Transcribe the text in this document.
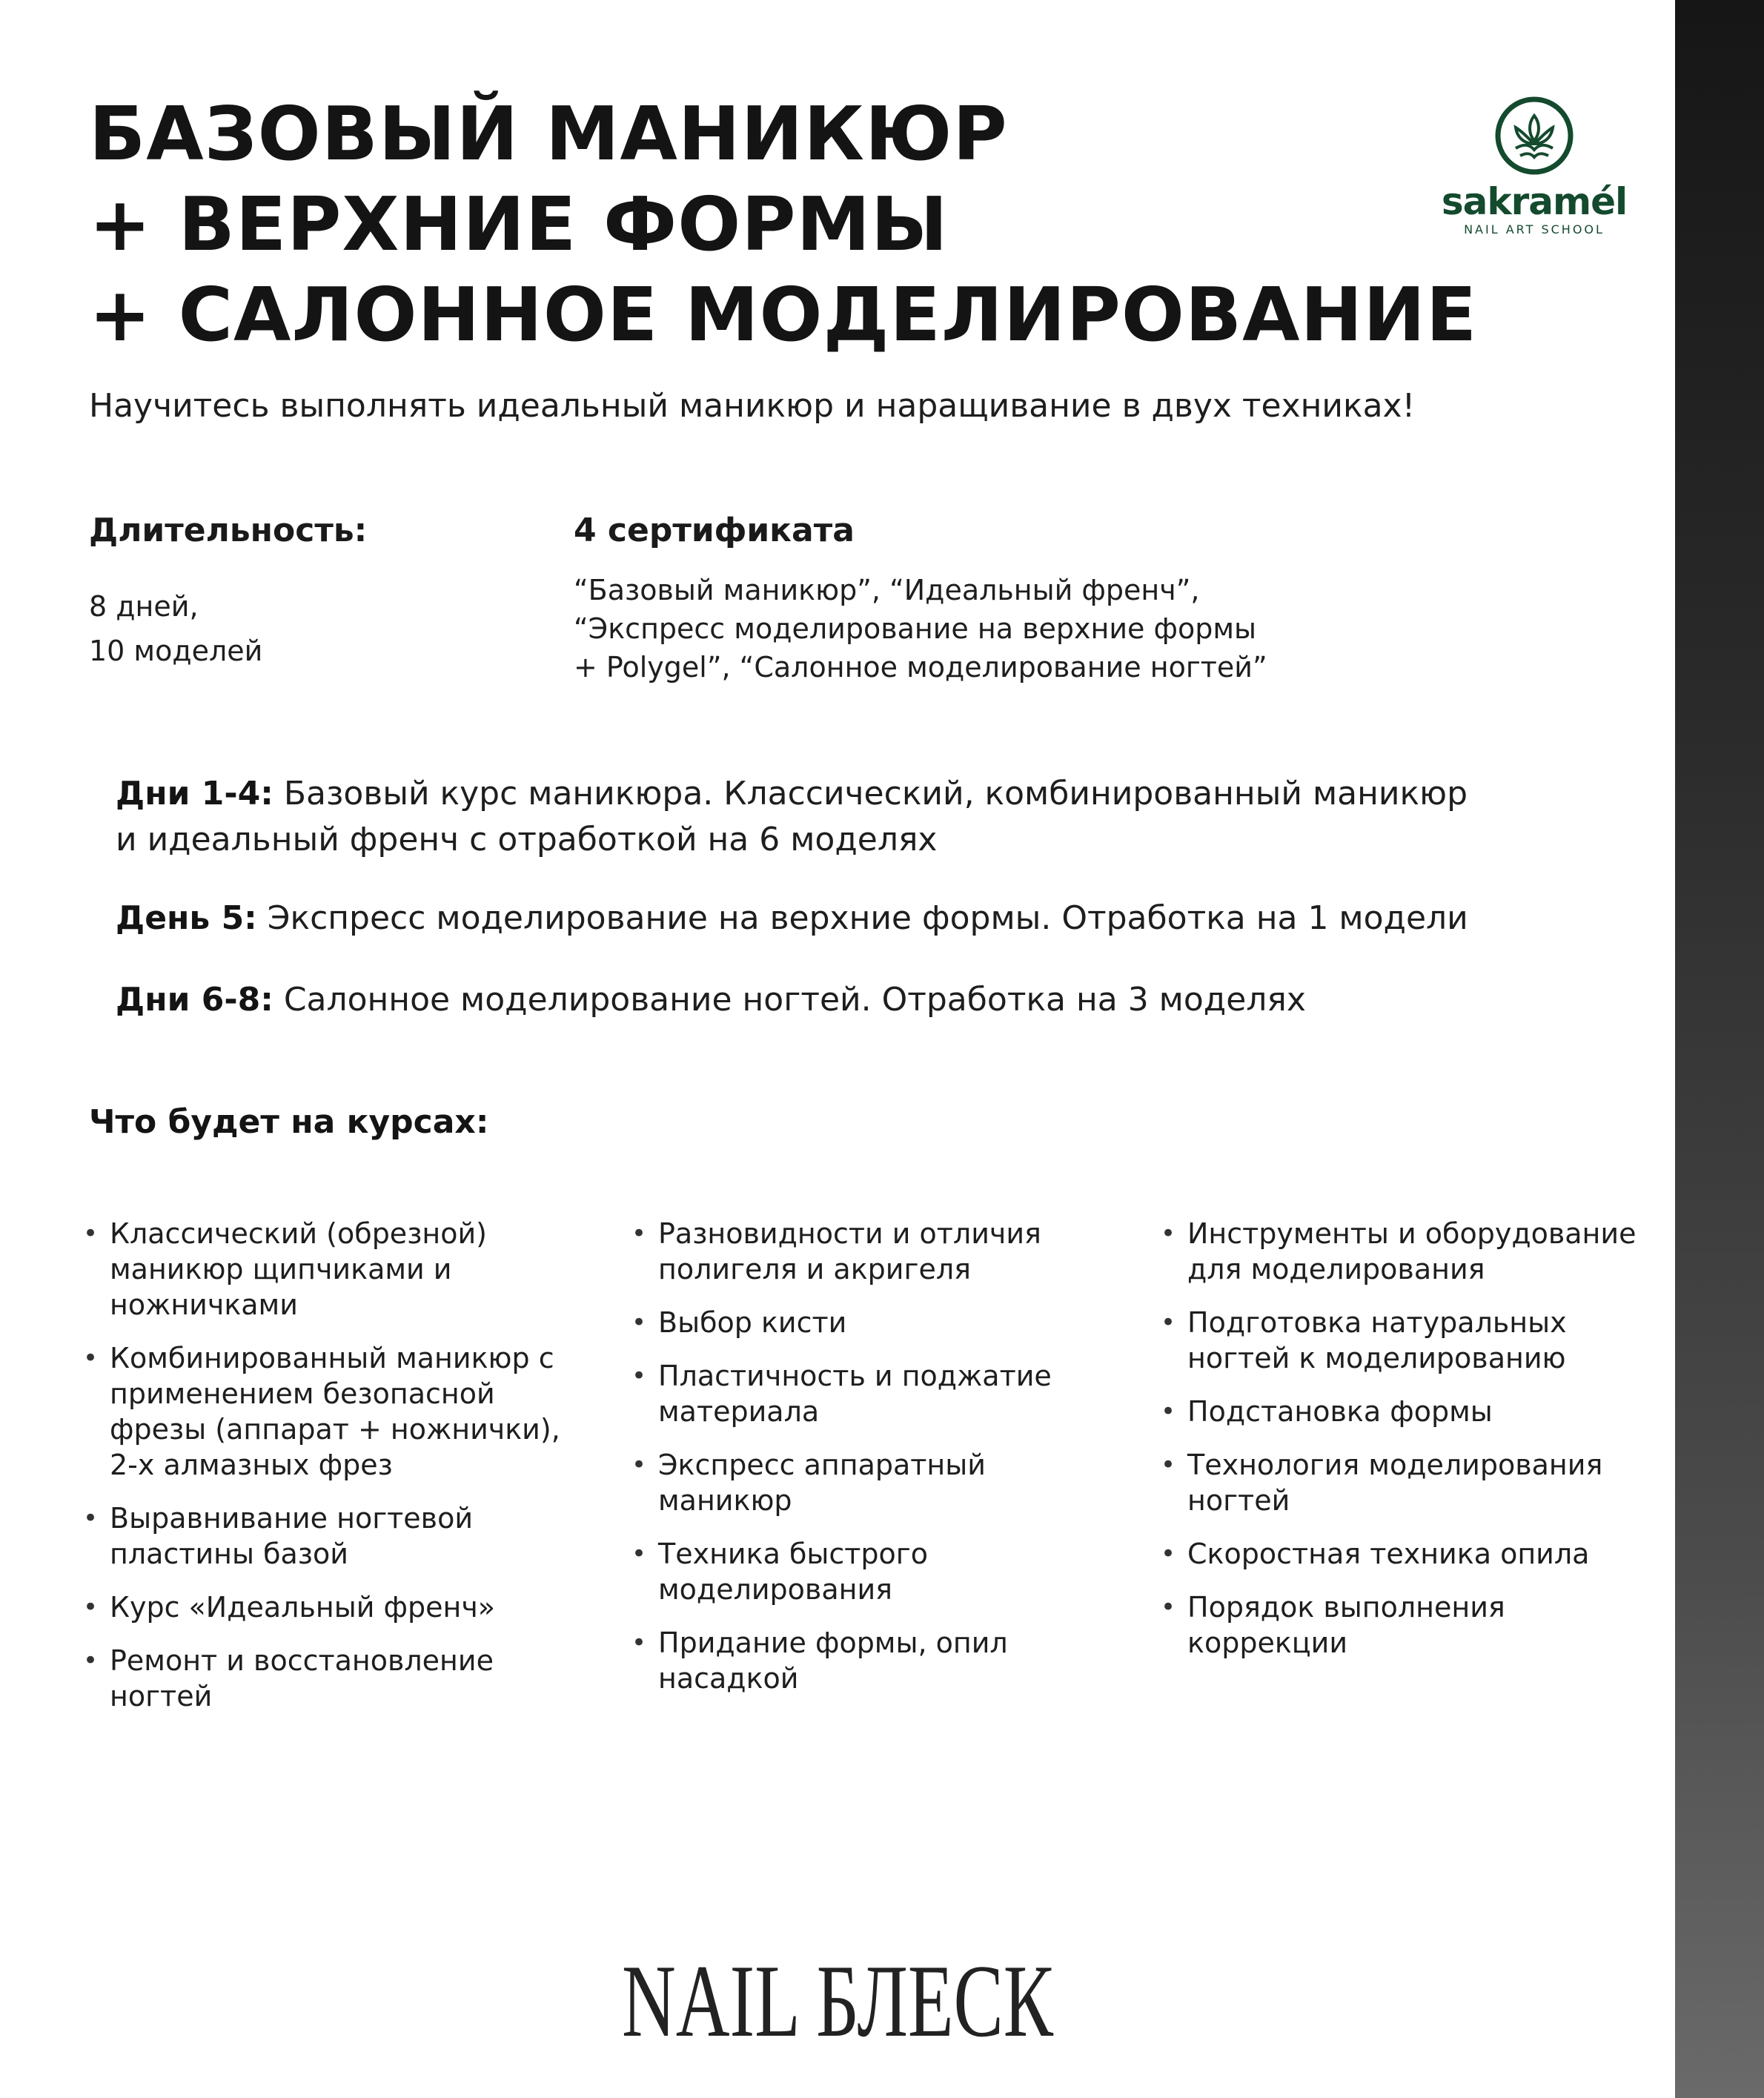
БАЗОВЫЙ МАНИКЮР
+ ВЕРХНИЕ ФОРМЫ
+ САЛОННОЕ МОДЕЛИРОВАНИЕ
sakramél
NAIL ART SCHOOL

Научитесь выполнять идеальный маникюр и наращивание в двух техниках!

Длительность:

8 дней,
10 моделей

4 сертификата

“Базовый маникюр”, “Идеальный френч”,
“Экспресс моделирование на верхние формы
+ Polygel”, “Салонное моделирование ногтей”
Дни 1-4: Базовый курс маникюра. Классический, комбинированный маникюр
и идеальный френч с отработкой на 6 моделях
День 5: Экспресс моделирование на верхние формы. Отработка на 1 модели
Дни 6-8: Салонное моделирование ногтей. Отработка на 3 моделях
Что будет на курсах:
• Классический (обрезной) маникюр щипчиками и ножничками
• Комбинированный маникюр с применением безопасной фрезы (аппарат + ножнички), 2-х алмазных фрез
• Выравнивание ногтевой пластины базой
• Курс «Идеальный френч»
• Ремонт и восстановление ногтей
• Разновидности и отличия полигеля и акригеля
• Выбор кисти
• Пластичность и поджатие материала
• Экспресс аппаратный маникюр
• Техника быстрого моделирования
• Придание формы, опил насадкой
• Инструменты и оборудование для моделирования
• Подготовка натуральных ногтей к моделированию
• Подстановка формы
• Технология моделирования ногтей
• Скоростная техника опила
• Порядок выполнения коррекции
NAIL БЛЕСК
